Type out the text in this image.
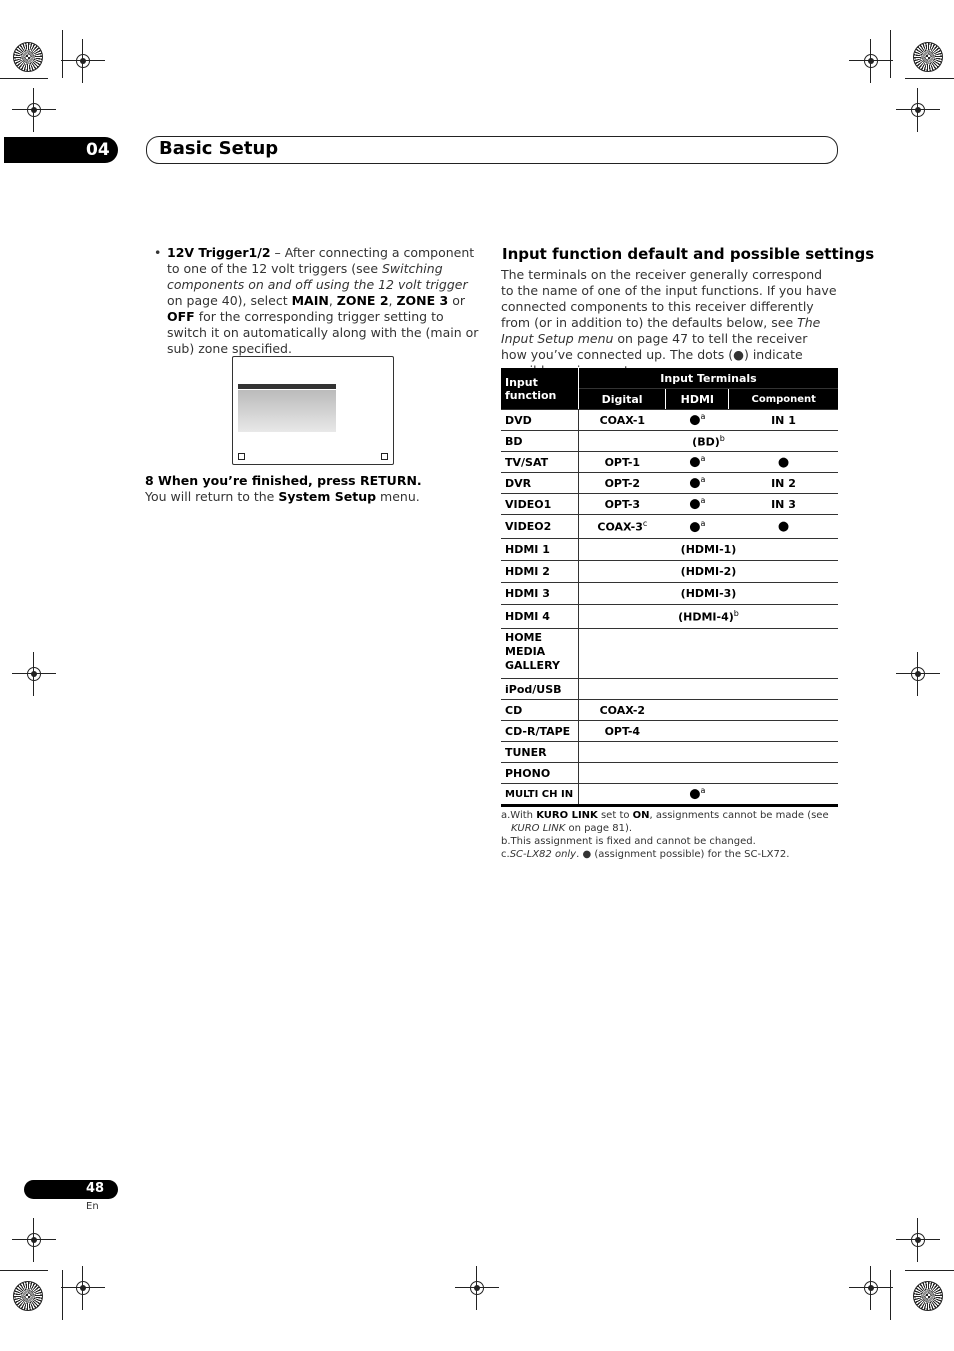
04	Basic Setup
• 12V Trigger1/2 – After connecting a component to one of the 12 volt triggers (see Switching components on and off using the 12 volt trigger on page 40), select MAIN, ZONE 2, ZONE 3 or OFF for the corresponding trigger setting to switch it on automatically along with the (main or sub) zone specified.
8 When you’re finished, press RETURN.
You will return to the System Setup menu.
Input function default and possible settings
The terminals on the receiver generally correspond to the name of one of the input functions. If you have connected components to this receiver differently from (or in addition to) the defaults below, see The Input Setup menu on page 47 to tell the receiver how you’ve connected up. The dots (●) indicate
Input function	Input Terminals		
	Digital	HDMI	Component
DVD	COAX-1	●$^a$	IN 1
BD	(BD)$^b$
TV/SAT	OPT-1	●$^a$	●
DVR	OPT-2	●$^a$	IN 2
VIDEO1	OPT-3	●$^a$	IN 3
VIDEO2	COAX-3$^c$	●$^a$	●
HDMI 1	(HDMI-1)		
HDMI 2	(HDMI-2)		
HDMI 3	(HDMI-3)		
HDMI 4	(HDMI-4)$^b$
HOME MEDIA GALLERY			
iPod/USB			
CD	COAX-2		
CD-R/TAPE	OPT-4		
TUNER			
PHONO			
MULTI CH IN		●$^a$	
a.With KURO LINK set to ON, assignments cannot be made (see
KURO LINK on page 81).
b.This assignment is fixed and cannot be changed.
c.SC-LX82 only. ● (assignment possible) for the SC-LX72.
48
En
